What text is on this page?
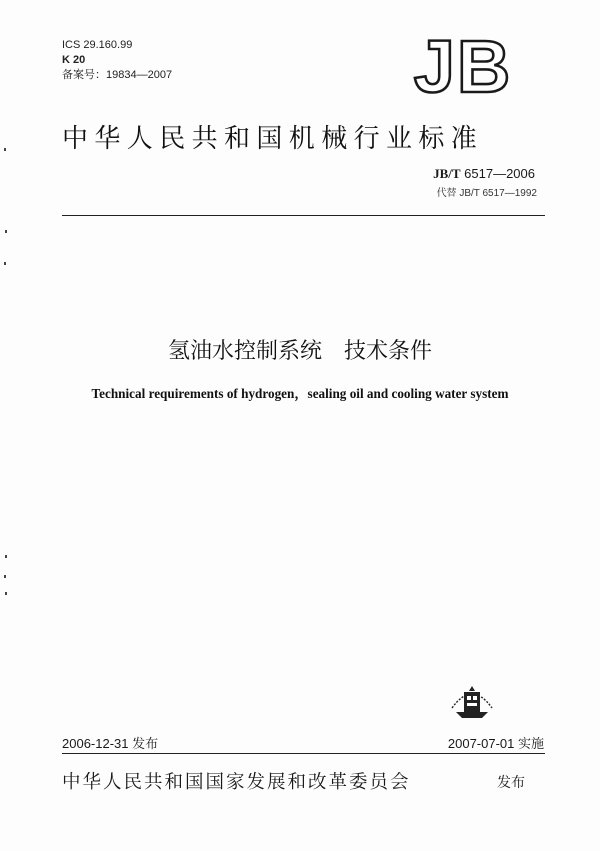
ICS 29.160.99
K 20
备案号：19834—2007	JB
中华人民共和国机械行业标准
JB/T 6517—2006
代替 JB/T 6517—1992
氢油水控制系统　技术条件
Technical requirements of hydrogen，sealing oil and cooling water system
2006-12-31 发布	2007-07-01 实施
中华人民共和国国家发展和改革委员会	发布
